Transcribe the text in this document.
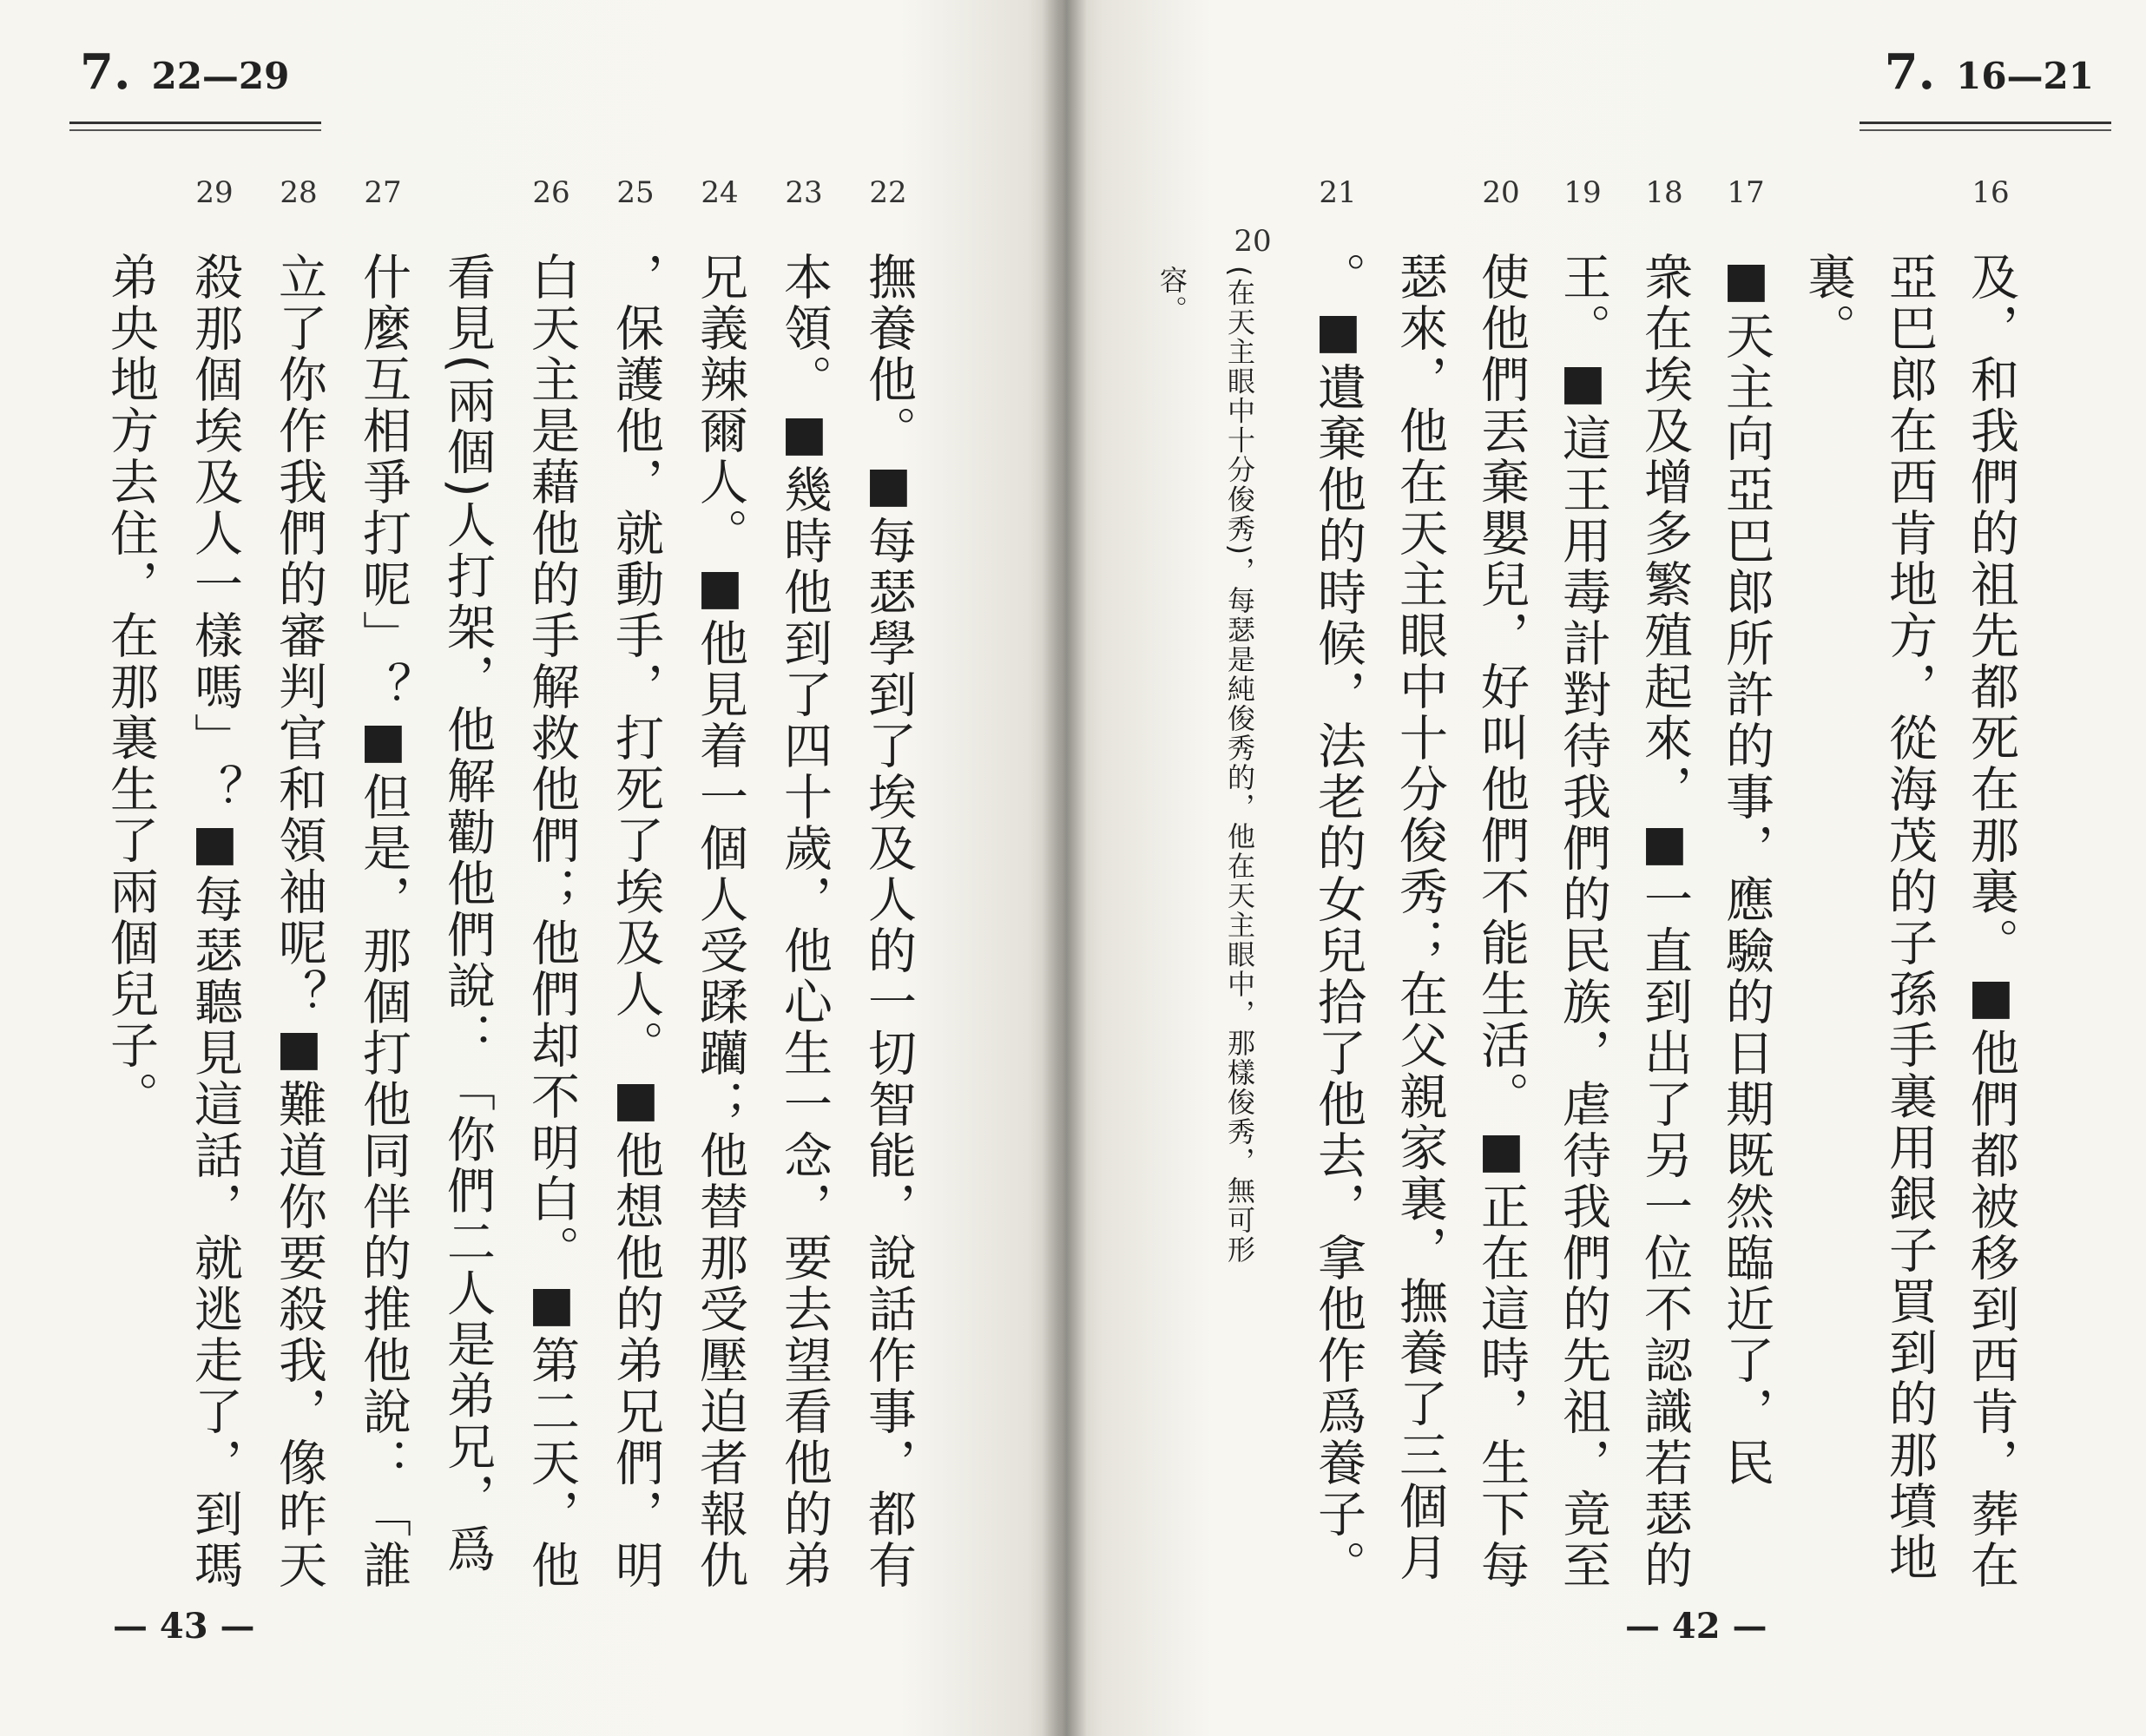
7. 22—29
22
撫養他。■每瑟學到了埃及人的一切智能，說話作事，都有
23
本領。■幾時他到了四十歲，他心生一念，要去望看他的弟
24
兄義辣爾人。■他見着一個人受蹂躪；他替那受壓迫者報仇
25
，保護他，就動手，打死了埃及人。■他想他的弟兄們，明
26
白天主是藉他的手解救他們；他們却不明白。■第二天，他
看見(兩個)人打架，他解勸他們說：「你們二人是弟兄，爲
27
什麼互相爭打呢」？■但是，那個打他同伴的推他說：「誰
28
立了你作我們的審判官和領袖呢？■難道你要殺我，像昨天
29
殺那個埃及人一樣嗎」？■每瑟聽見這話，就逃走了，到瑪
弟央地方去住，在那裏生了兩個兒子。
— 43 —
7. 16—21
16
及，和我們的祖先都死在那裏。■他們都被移到西肯，葬在
亞巴郎在西肯地方，從海茂的子孫手裏用銀子買到的那墳地
裏。
17
■天主向亞巴郎所許的事，應驗的日期既然臨近了，民
18
衆在埃及增多繁殖起來，■一直到出了另一位不認識若瑟的
19
王。■這王用毒計對待我們的民族，虐待我們的先祖，竟至
20
使他們丟棄嬰兒，好叫他們不能生活。■正在這時，生下每
瑟來，他在天主眼中十分俊秀；在父親家裏，撫養了三個月
21
。■遺棄他的時候，法老的女兒拾了他去，拿他作爲養子。
20
(在天主眼中十分俊秀)，每瑟是純俊秀的，他在天主眼中，那樣俊秀，無可形
容。
— 42 —
